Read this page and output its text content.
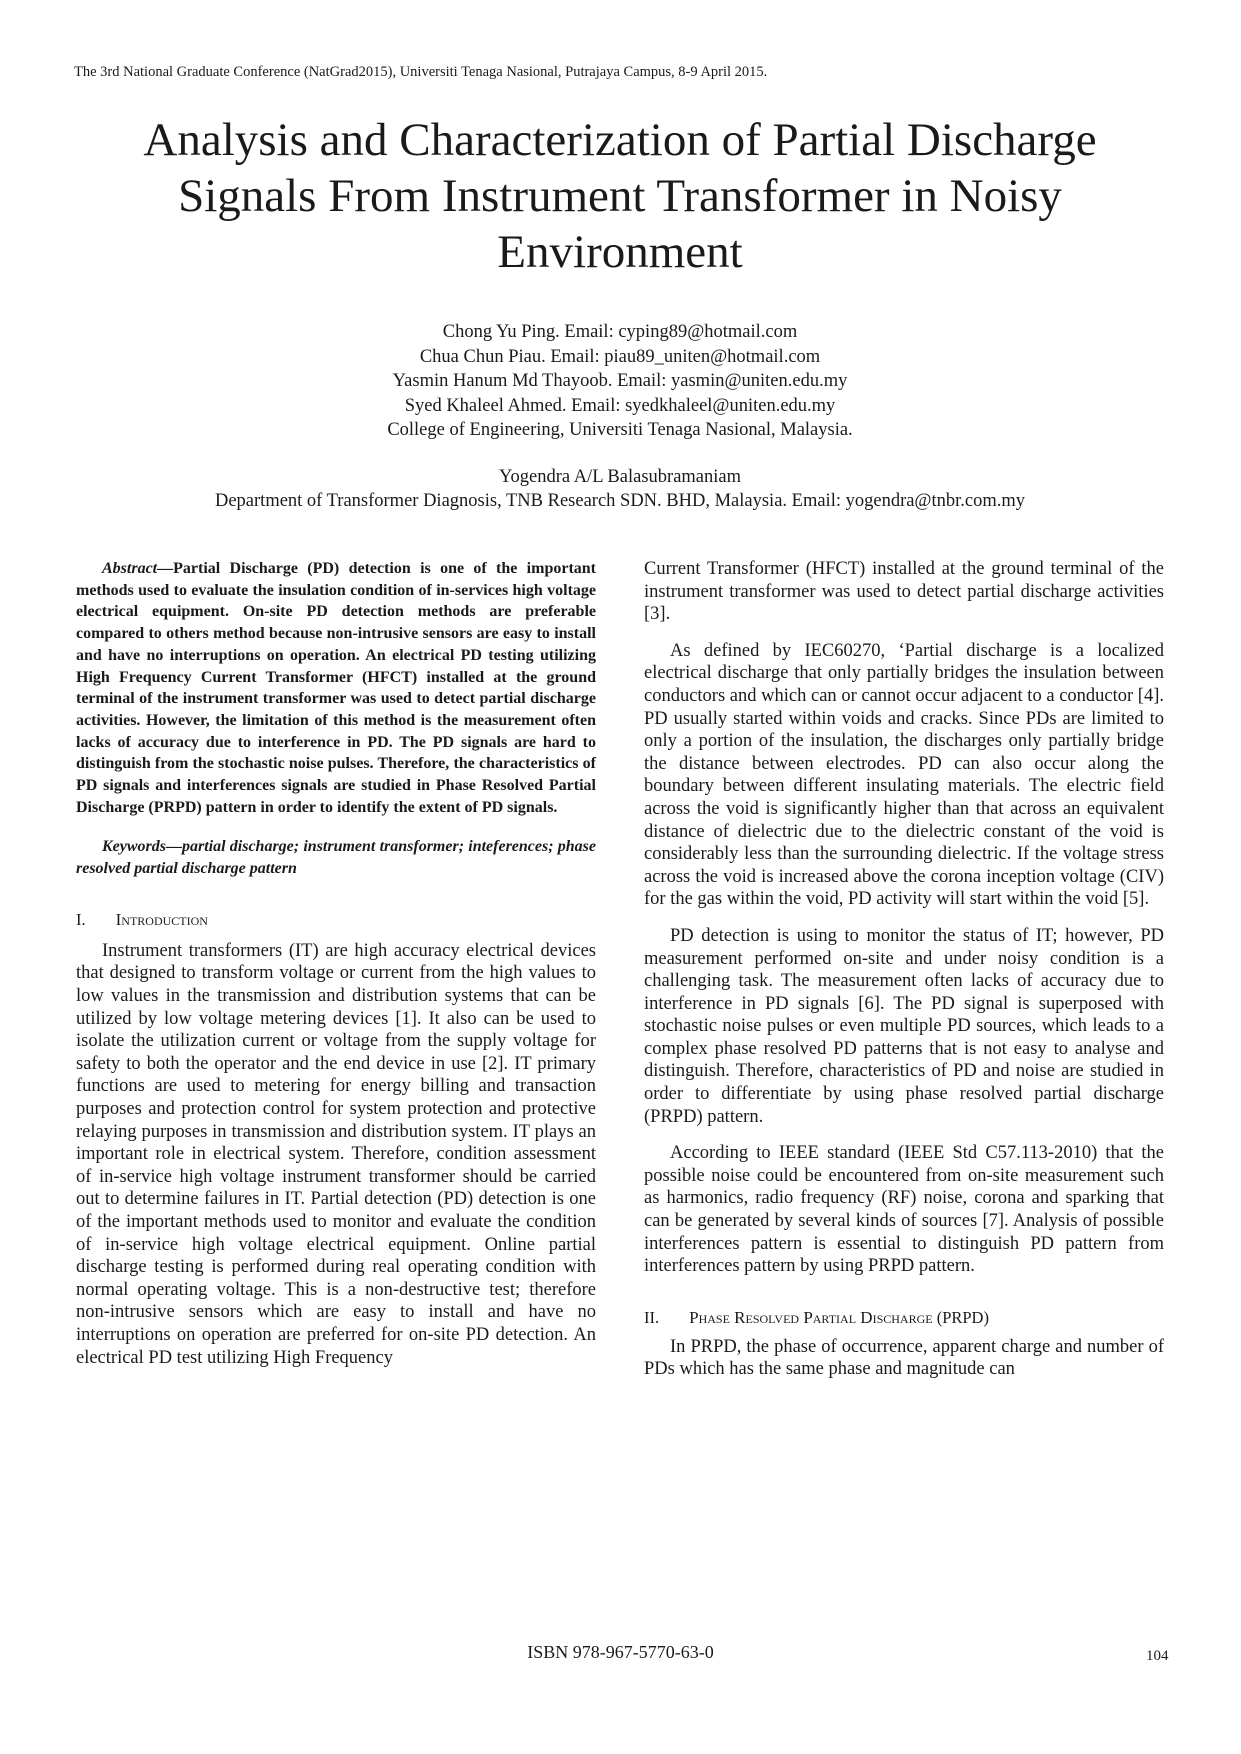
The 3rd National Graduate Conference (NatGrad2015), Universiti Tenaga Nasional, Putrajaya Campus, 8-9 April 2015.
Analysis and Characterization of Partial Discharge
Signals From Instrument Transformer in Noisy
Environment
Chong Yu Ping. Email: cyping89@hotmail.com
Chua Chun Piau. Email: piau89_uniten@hotmail.com
Yasmin Hanum Md Thayoob. Email: yasmin@uniten.edu.my
Syed Khaleel Ahmed. Email: syedkhaleel@uniten.edu.my
College of Engineering, Universiti Tenaga Nasional, Malaysia.
Yogendra A/L Balasubramaniam
Department of Transformer Diagnosis, TNB Research SDN. BHD, Malaysia. Email: yogendra@tnbr.com.my

Abstract—Partial Discharge (PD) detection is one of the important methods used to evaluate the insulation condition of in-services high voltage electrical equipment. On-site PD detection methods are preferable compared to others method because non-intrusive sensors are easy to install and have no interruptions on operation. An electrical PD testing utilizing High Frequency Current Transformer (HFCT) installed at the ground terminal of the instrument transformer was used to detect partial discharge activities. However, the limitation of this method is the measurement often lacks of accuracy due to interference in PD. The PD signals are hard to distinguish from the stochastic noise pulses. Therefore, the characteristics of PD signals and interferences signals are studied in Phase Resolved Partial Discharge (PRPD) pattern in order to identify the extent of PD signals.

Keywords—partial discharge; instrument transformer; inteferences; phase resolved partial discharge pattern

I. Introduction

Instrument transformers (IT) are high accuracy electrical devices that designed to transform voltage or current from the high values to low values in the transmission and distribution systems that can be utilized by low voltage metering devices [1]. It also can be used to isolate the utilization current or voltage from the supply voltage for safety to both the operator and the end device in use [2]. IT primary functions are used to metering for energy billing and transaction purposes and protection control for system protection and protective relaying purposes in transmission and distribution system. IT plays an important role in electrical system. Therefore, condition assessment of in-service high voltage instrument transformer should be carried out to determine failures in IT. Partial detection (PD) detection is one of the important methods used to monitor and evaluate the condition of in-service high voltage electrical equipment. Online partial discharge testing is performed during real operating condition with normal operating voltage. This is a non-destructive test; therefore non-intrusive sensors which are easy to install and have no interruptions on operation are preferred for on-site PD detection. An electrical PD test utilizing High Frequency

Current Transformer (HFCT) installed at the ground terminal of the instrument transformer was used to detect partial discharge activities [3].

As defined by IEC60270, ‘Partial discharge is a localized electrical discharge that only partially bridges the insulation between conductors and which can or cannot occur adjacent to a conductor [4]. PD usually started within voids and cracks. Since PDs are limited to only a portion of the insulation, the discharges only partially bridge the distance between electrodes. PD can also occur along the boundary between different insulating materials. The electric field across the void is significantly higher than that across an equivalent distance of dielectric due to the dielectric constant of the void is considerably less than the surrounding dielectric. If the voltage stress across the void is increased above the corona inception voltage (CIV) for the gas within the void, PD activity will start within the void [5].

PD detection is using to monitor the status of IT; however, PD measurement performed on-site and under noisy condition is a challenging task. The measurement often lacks of accuracy due to interference in PD signals [6]. The PD signal is superposed with stochastic noise pulses or even multiple PD sources, which leads to a complex phase resolved PD patterns that is not easy to analyse and distinguish. Therefore, characteristics of PD and noise are studied in order to differentiate by using phase resolved partial discharge (PRPD) pattern.

According to IEEE standard (IEEE Std C57.113-2010) that the possible noise could be encountered from on-site measurement such as harmonics, radio frequency (RF) noise, corona and sparking that can be generated by several kinds of sources [7]. Analysis of possible interferences pattern is essential to distinguish PD pattern from interferences pattern by using PRPD pattern.

II. Phase Resolved Partial Discharge (PRPD)

In PRPD, the phase of occurrence, apparent charge and number of PDs which has the same phase and magnitude can

ISBN 978-967-5770-63-0	104
